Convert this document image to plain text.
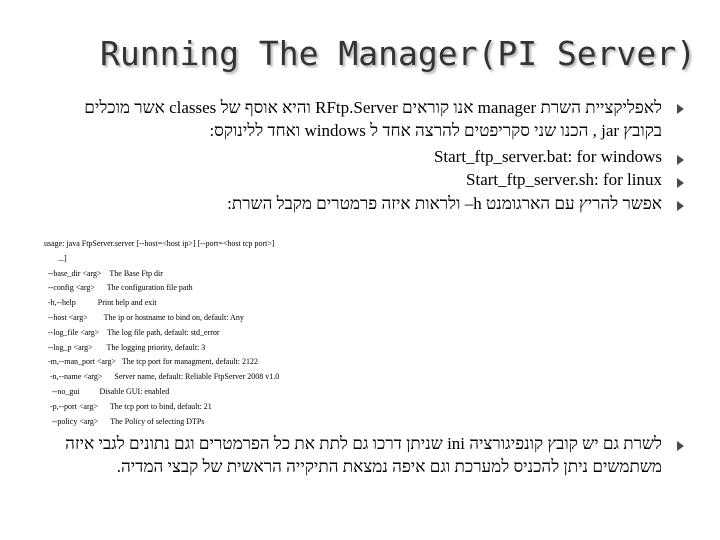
Running The Manager(PI Server)
לאפליקציית השרת manager אנו קוראים RFtp.Server והיא אוסף של classes אשר מוכלים
בקובץ jar , הכנו שני סקריפטים להרצה אחד ל windows ואחד ללינוקס:
Start_ftp_server.bat: for windows
Start_ftp_server.sh: for linux
אפשר להריץ עם הארגומנט h– ולראות איזה פרמטרים מקבל השרת:
usage: java FtpServer.server [--host=<host ip>] [--port=<host tcp port>]
...]
--base_dir <arg>    The Base Ftp dir
--config <arg>      The configuration file path
-h,--help           Print help and exit
--host <arg>        The ip or hostname to bind on, default: Any
--log_file <arg>    The log file path, default: std_error
--log_p <arg>       The logging priority, default: 3
-m,--man_port <arg>   The tcp port for managment, default: 2122
-n,--name <arg>      Server name, default: Reliable FtpServer 2008 v1.0
--no_gui          Disable GUI: enabled
-p,--port <arg>      The tcp port to bind, default: 21
--policy <arg>      The Policy of selecting DTPs
לשרת גם יש קובץ קונפיגורציה ini שניתן דרכו גם לתת את כל הפרמטרים וגם נתונים לגבי איזה
משתמשים ניתן להכניס למערכת וגם איפה נמצאת התיקייה הראשית של קבצי המדיה.
